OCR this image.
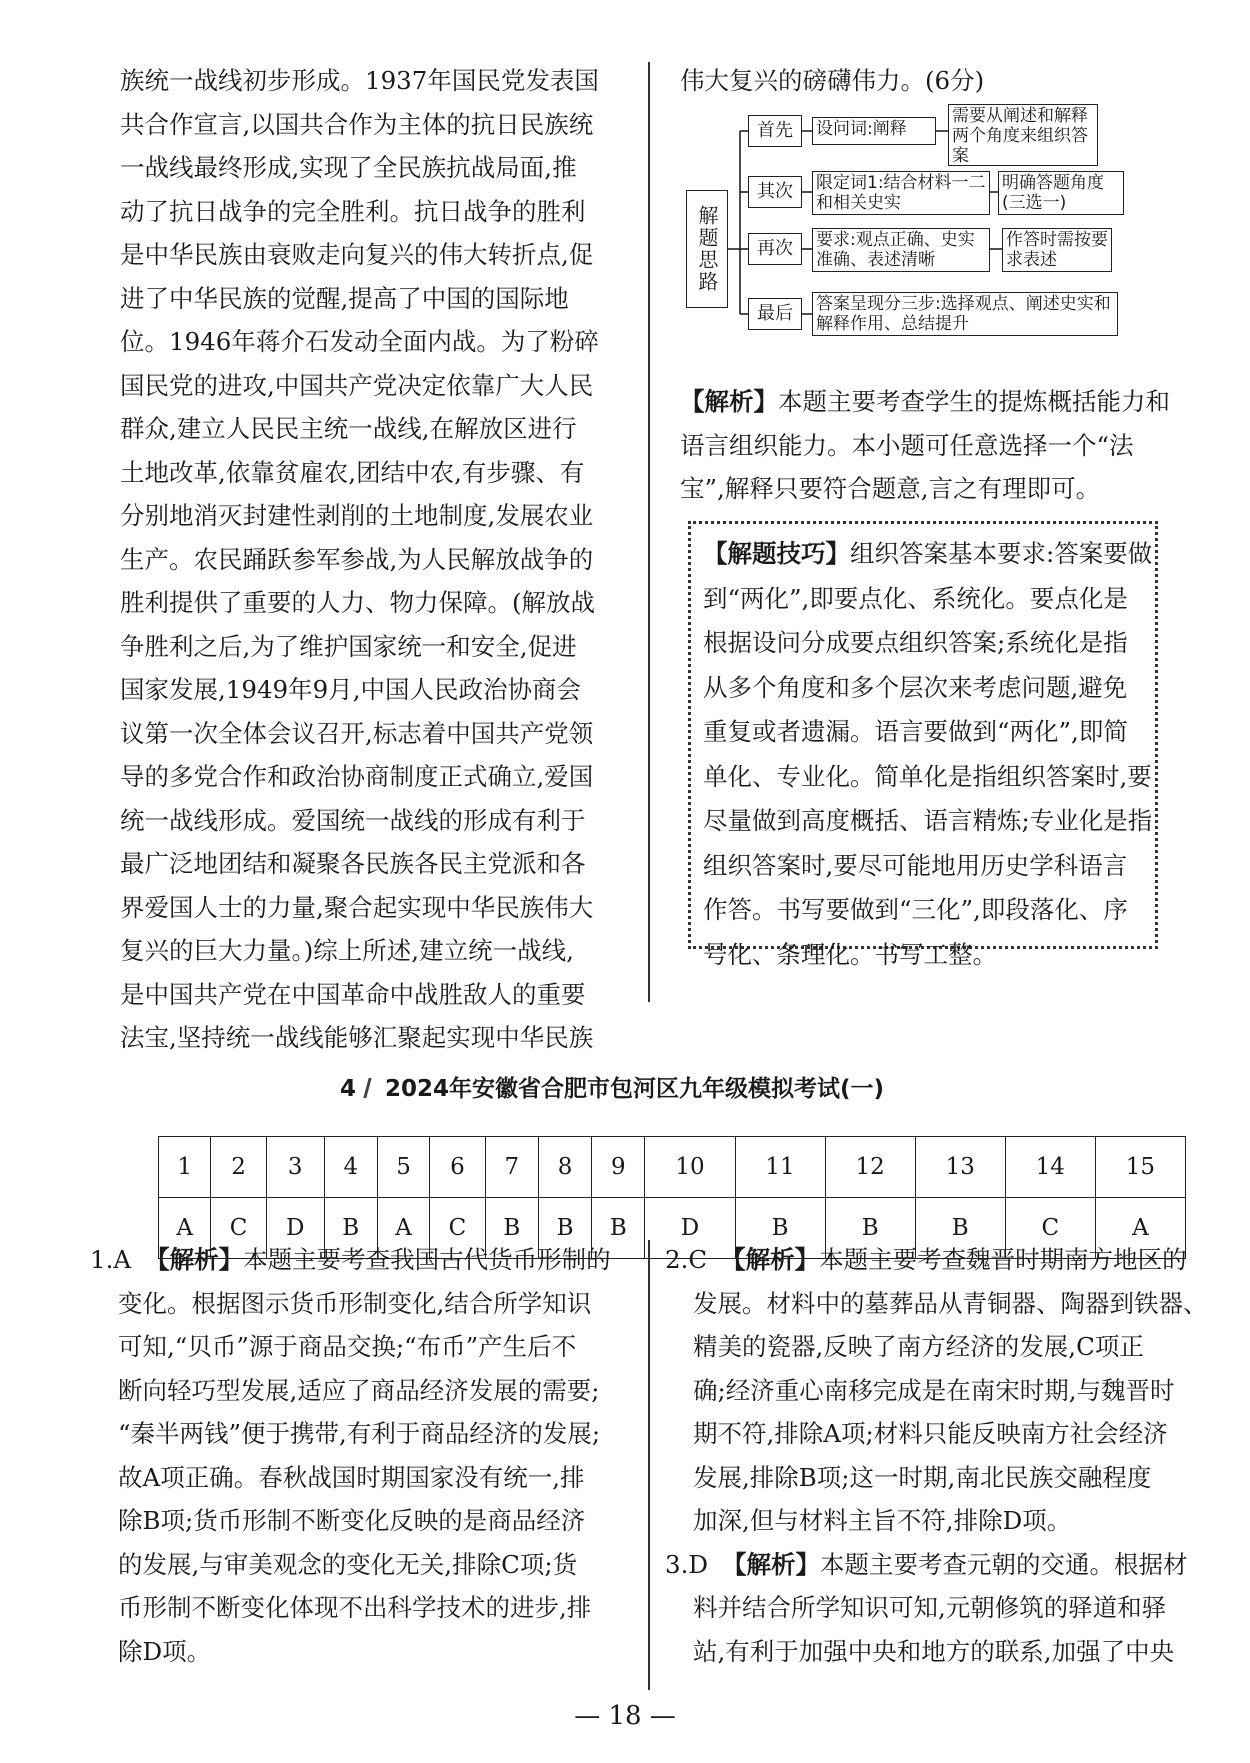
族统一战线初步形成。1937年国民党发表国
共合作宣言,以国共合作为主体的抗日民族统
一战线最终形成,实现了全民族抗战局面,推
动了抗日战争的完全胜利。抗日战争的胜利
是中华民族由衰败走向复兴的伟大转折点,促
进了中华民族的觉醒,提高了中国的国际地
位。1946年蒋介石发动全面内战。为了粉碎
国民党的进攻,中国共产党决定依靠广大人民
群众,建立人民民主统一战线,在解放区进行
土地改革,依靠贫雇农,团结中农,有步骤、有
分别地消灭封建性剥削的土地制度,发展农业
生产。农民踊跃参军参战,为人民解放战争的
胜利提供了重要的人力、物力保障。(解放战
争胜利之后,为了维护国家统一和安全,促进
国家发展,1949年9月,中国人民政治协商会
议第一次全体会议召开,标志着中国共产党领
导的多党合作和政治协商制度正式确立,爱国
统一战线形成。爱国统一战线的形成有利于
最广泛地团结和凝聚各民族各民主党派和各
界爱国人士的力量,聚合起实现中华民族伟大
复兴的巨大力量。)综上所述,建立统一战线,
是中国共产党在中国革命中战胜敌人的重要
法宝,坚持统一战线能够汇聚起实现中华民族
伟大复兴的磅礴伟力。(6分)
解题思路
首先	设问词:阐释
需要从阐述和解释两个角度来组织答案
其次	限定词1:结合材料一二和相关史实
明确答题角度(三选一)
再次	要求:观点正确、史实准确、表述清晰
作答时需按要求表述
最后	答案呈现分三步:选择观点、阐述史实和解释作用、总结提升
【解析】本题主要考查学生的提炼概括能力和
语言组织能力。本小题可任意选择一个“法
宝”,解释只要符合题意,言之有理即可。
【解题技巧】组织答案基本要求:答案要做
到“两化”,即要点化、系统化。要点化是
根据设问分成要点组织答案;系统化是指
从多个角度和多个层次来考虑问题,避免
重复或者遗漏。语言要做到“两化”,即简
单化、专业化。简单化是指组织答案时,要
尽量做到高度概括、语言精炼;专业化是指
组织答案时,要尽可能地用历史学科语言
作答。书写要做到“三化”,即段落化、序
号化、条理化。书写工整。
4 2024年安徽省合肥市包河区九年级模拟考试(一)
1	2	3	4	5	6	7	8	9	10	11	12	13	14	15
A	C	D	B	A	C	B	B	B	D	B	B	B	C	A
1.A 【解析】本题主要考查我国古代货币形制的
变化。根据图示货币形制变化,结合所学知识
可知,“贝币”源于商品交换;“布币”产生后不
断向轻巧型发展,适应了商品经济发展的需要;
“秦半两钱”便于携带,有利于商品经济的发展;
故A项正确。春秋战国时期国家没有统一,排
除B项;货币形制不断变化反映的是商品经济
的发展,与审美观念的变化无关,排除C项;货
币形制不断变化体现不出科学技术的进步,排
除D项。
2.C 【解析】本题主要考查魏晋时期南方地区的
发展。材料中的墓葬品从青铜器、陶器到铁器、
精美的瓷器,反映了南方经济的发展,C项正
确;经济重心南移完成是在南宋时期,与魏晋时
期不符,排除A项;材料只能反映南方社会经济
发展,排除B项;这一时期,南北民族交融程度
加深,但与材料主旨不符,排除D项。
3.D 【解析】本题主要考查元朝的交通。根据材
料并结合所学知识可知,元朝修筑的驿道和驿
站,有利于加强中央和地方的联系,加强了中央
— 18 —
